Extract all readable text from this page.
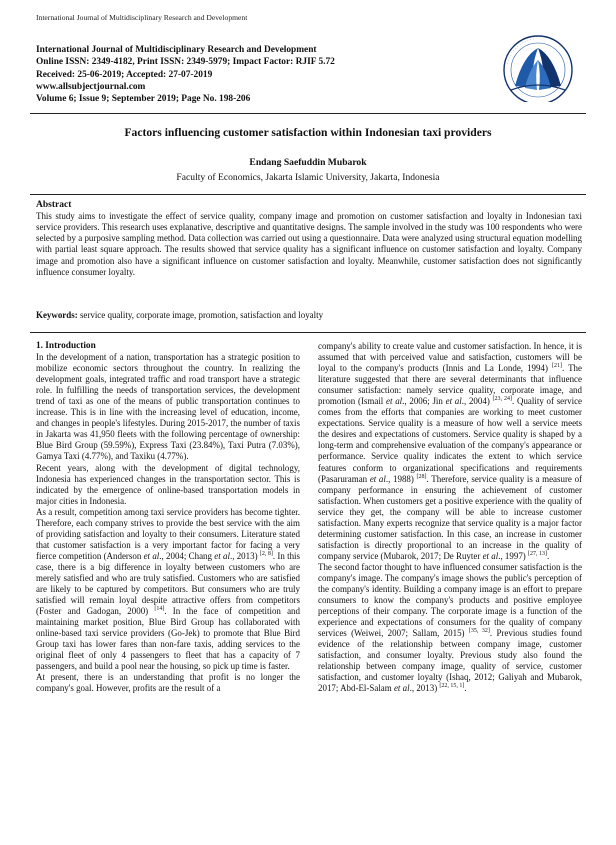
International Journal of Multidisciplinary Research and Development
International Journal of Multidisciplinary Research and Development
Online ISSN: 2349-4182, Print ISSN: 2349-5979; Impact Factor: RJIF 5.72
Received: 25-06-2019; Accepted: 27-07-2019
www.allsubjectjournal.com
Volume 6; Issue 9; September 2019; Page No. 198-206
. . . . . . . . . . . . . .
Factors influencing customer satisfaction within Indonesian taxi providers
Endang Saefuddin Mubarok
Faculty of Economics, Jakarta Islamic University, Jakarta, Indonesia
Abstract
This study aims to investigate the effect of service quality, company image and promotion on customer satisfaction and loyalty in Indonesian taxi service providers. This research uses explanative, descriptive and quantitative designs. The sample involved in the study was 100 respondents who were selected by a purposive sampling method. Data collection was carried out using a questionnaire. Data were analyzed using structural equation modelling with partial least square approach. The results showed that service quality has a significant influence on customer satisfaction and loyalty. Company image and promotion also have a significant influence on customer satisfaction and loyalty. Meanwhile, customer satisfaction does not significantly influence consumer loyalty.
Keywords: service quality, corporate image, promotion, satisfaction and loyalty

1. Introduction

In the development of a nation, transportation has a strategic position to mobilize economic sectors throughout the country. In realizing the development goals, integrated traffic and road transport have a strategic role. In fulfilling the needs of transportation services, the development trend of taxi as one of the means of public transportation continues to increase. This is in line with the increasing level of education, income, and changes in people's lifestyles. During 2015-2017, the number of taxis in Jakarta was 41,950 fleets with the following percentage of ownership: Blue Bird Group (59.59%), Express Taxi (23.84%), Taxi Putra (7.03%), Gamya Taxi (4.77%), and Taxiku (4.77%).

Recent years, along with the development of digital technology, Indonesia has experienced changes in the transportation sector. This is indicated by the emergence of online-based transportation models in major cities in Indonesia.

As a result, competition among taxi service providers has become tighter. Therefore, each company strives to provide the best service with the aim of providing satisfaction and loyalty to their consumers. Literature stated that customer satisfaction is a very important factor for facing a very fierce competition (Anderson et al., 2004; Chang et al., 2013) [2, 8]. In this case, there is a big difference in loyalty between customers who are merely satisfied and who are truly satisfied. Customers who are satisfied are likely to be captured by competitors. But consumers who are truly satisfied will remain loyal despite attractive offers from competitors (Foster and Gadogan, 2000) [14]. In the face of competition and maintaining market position, Blue Bird Group has collaborated with online-based taxi service providers (Go-Jek) to promote that Blue Bird Group taxi has lower fares than non-fare taxis, adding services to the original fleet of only 4 passengers to fleet that has a capacity of 7 passengers, and build a pool near the housing, so pick up time is faster.

At present, there is an understanding that profit is no longer the company's goal. However, profits are the result of a

company's ability to create value and customer satisfaction. In hence, it is assumed that with perceived value and satisfaction, customers will be loyal to the company's products (Innis and La Londe, 1994) [21]. The literature suggested that there are several determinants that influence consumer satisfaction: namely service quality, corporate image, and promotion (Ismail et al., 2006; Jin et al., 2004) [23, 24]. Quality of service comes from the efforts that companies are working to meet customer expectations. Service quality is a measure of how well a service meets the desires and expectations of customers. Service quality is shaped by a long-term and comprehensive evaluation of the company's appearance or performance. Service quality indicates the extent to which service features conform to organizational specifications and requirements (Pasaruraman et al., 1988) [28]. Therefore, service quality is a measure of company performance in ensuring the achievement of customer satisfaction. When customers get a positive experience with the quality of service they get, the company will be able to increase customer satisfaction. Many experts recognize that service quality is a major factor determining customer satisfaction. In this case, an increase in customer satisfaction is directly proportional to an increase in the quality of company service (Mubarok, 2017; De Ruyter et al., 1997) [27, 13].

The second factor thought to have influenced consumer satisfaction is the company's image. The company's image shows the public's perception of the company's identity. Building a company image is an effort to prepare consumers to know the company's products and positive employee perceptions of their company. The corporate image is a function of the experience and expectations of consumers for the quality of company services (Weiwei, 2007; Sallam, 2015) [35, 32]. Previous studies found evidence of the relationship between company image, customer satisfaction, and consumer loyalty. Previous study also found the relationship between company image, quality of service, customer satisfaction, and customer loyalty (Ishaq, 2012; Galiyah and Mubarok, 2017; Abd-El-Salam et al., 2013) [22, 15, 1].
